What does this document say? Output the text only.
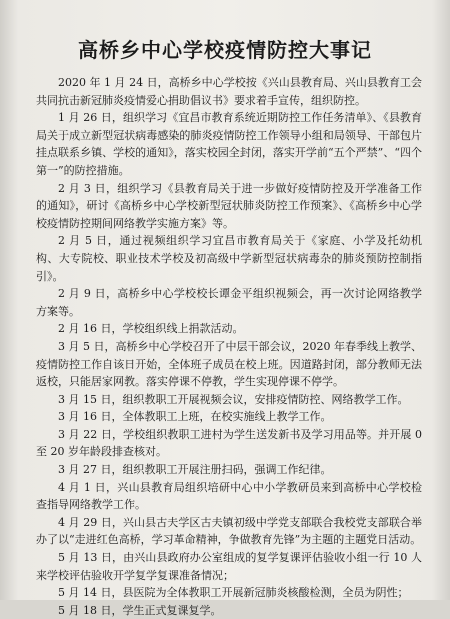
高桥乡中心学校疫情防控大事记

2020 年 1 月 24 日，高桥乡中心学校按《兴山县教育局、兴山县教育工会共同抗击新冠肺炎疫情爱心捐助倡议书》要求着手宣传，组织防控。

1 月 26 日，组织学习《宜昌市教育系统近期防控工作任务清单》、《县教育局关于成立新型冠状病毒感染的肺炎疫情防控工作领导小组和局领导、干部包片挂点联系乡镇、学校的通知》，落实校园全封闭，落实开学前“五个严禁”、“四个第一”的防控措施。

2 月 3 日，组织学习《县教育局关于进一步做好疫情防控及开学准备工作的通知》，研讨《高桥乡中心学校新型冠状肺炎防控工作预案》、《高桥乡中心学校疫情防控期间网络教学实施方案》等。

2 月 5 日，通过视频组织学习宜昌市教育局关于《家庭、小学及托幼机构、大专院校、职业技术学校及初高级中学新型冠状病毒杂的肺炎预防控制指引》。

2 月 9 日，高桥乡中心学校校长谭金平组织视频会，再一次讨论网络教学方案等。

2 月 16 日，学校组织线上捐款活动。

3 月 5 日，高桥乡中心学校召开了中层干部会议，2020 年春季线上教学、疫情防控工作自该日开始，全体班子成员在校上班。因道路封闭，部分教师无法返校，只能居家网教。落实停课不停教，学生实现停课不停学。

3 月 15 日，组织教职工开展视频会议，安排疫情防控、网络教学工作。

3 月 16 日，全体教职工上班，在校实施线上教学工作。

3 月 22 日，学校组织教职工进村为学生送发新书及学习用品等。并开展 0 至 20 岁年龄段排查核对。

3 月 27 日，组织教职工开展注册扫码，强调工作纪律。

4 月 1 日，兴山县教育局组织培研中心中小学教研员来到高桥中心学校检查指导网络教学工作。

4 月 29 日，兴山县古夫学区古夫镇初级中学党支部联合我校党支部联合举办了以“走进红色高桥，学习革命精神，争做教育先锋”为主题的主题党日活动。

5 月 13 日，由兴山县政府办公室组成的复学复课评估验收小组一行 10 人来学校评估验收开学复学复课准备情况；

5 月 14 日，县医院为全体教职工开展新冠肺炎核酸检测，全员为阴性；

5 月 18 日，学生正式复课复学。
